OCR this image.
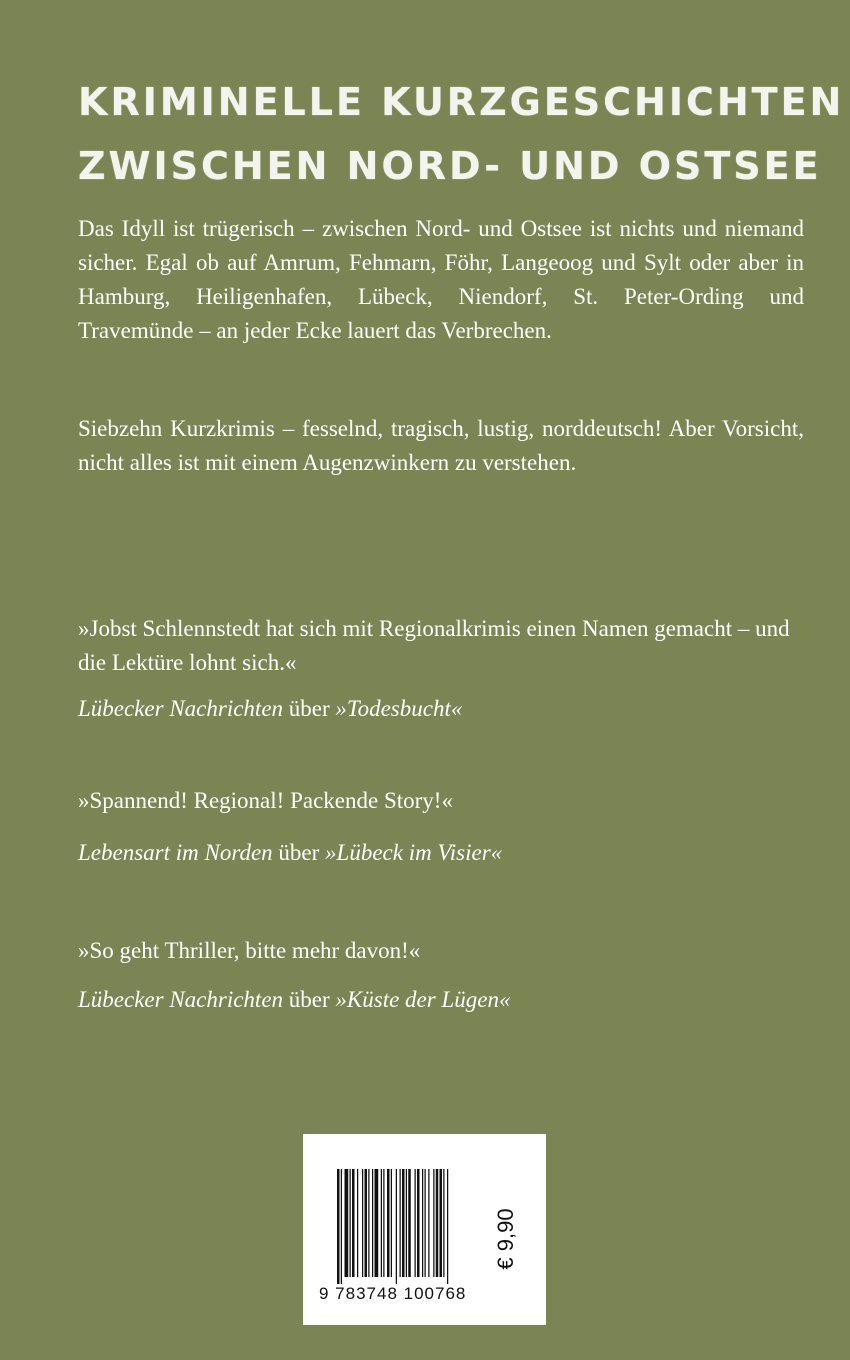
KRIMINELLE KURZGESCHICHTEN
ZWISCHEN NORD- UND OSTSEE

Das Idyll ist trügerisch – zwischen Nord- und Ostsee ist nichts und niemand sicher. Egal ob auf Amrum, Fehmarn, Föhr, Langeoog und Sylt oder aber in Hamburg, Heiligenhafen, Lübeck, Niendorf, St. Peter-Ording und Travemünde – an jeder Ecke lauert das Verbrechen.

Siebzehn Kurzkrimis – fesselnd, tragisch, lustig, norddeutsch! Aber Vorsicht, nicht alles ist mit einem Augenzwinkern zu verstehen.

»Jobst Schlennstedt hat sich mit Regionalkrimis einen Namen gemacht – und die Lektüre lohnt sich.«
Lübecker Nachrichten über »Todesbucht«
»Spannend! Regional! Packende Story!«
Lebensart im Norden über »Lübeck im Visier«
»So geht Thriller, bitte mehr davon!«
Lübecker Nachrichten über »Küste der Lügen«
9 783748 100768
€ 9,90
